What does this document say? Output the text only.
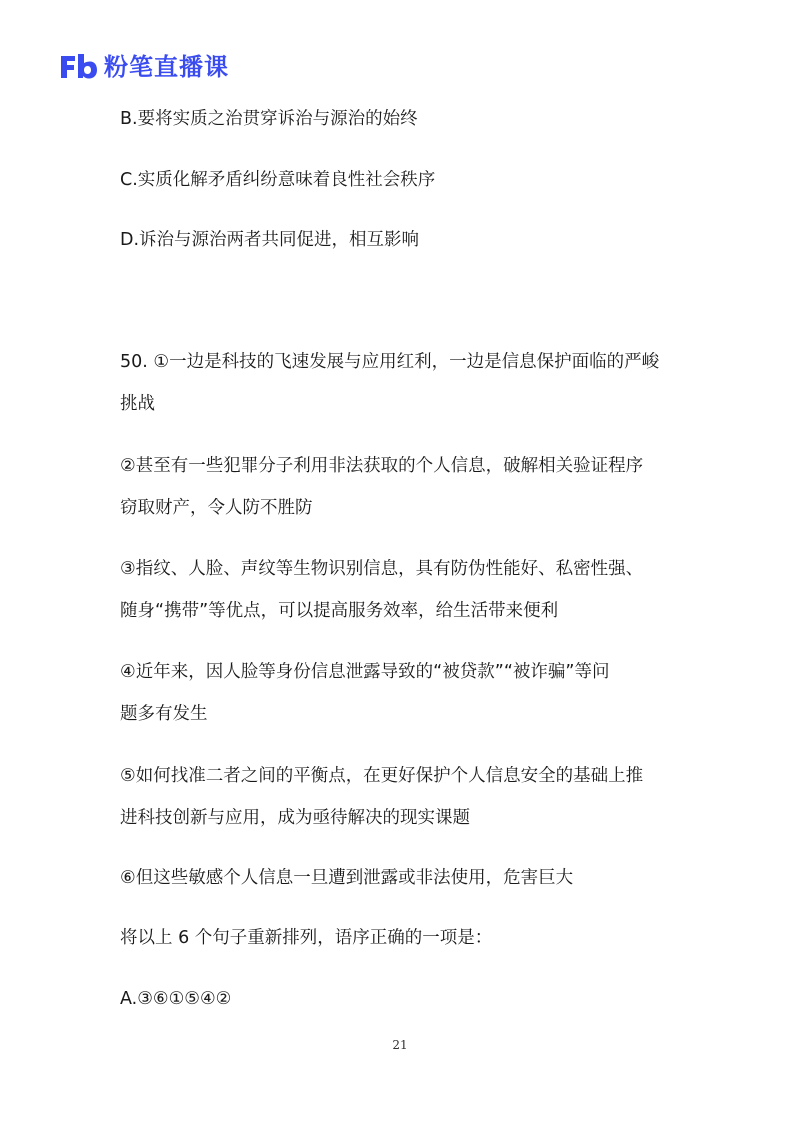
粉笔直播课
B.要将实质之治贯穿诉治与源治的始终
C.实质化解矛盾纠纷意味着良性社会秩序
D.诉治与源治两者共同促进，相互影响
50. ①一边是科技的飞速发展与应用红利，一边是信息保护面临的严峻
挑战
②甚至有一些犯罪分子利用非法获取的个人信息，破解相关验证程序
窃取财产，令人防不胜防
③指纹、人脸、声纹等生物识别信息，具有防伪性能好、私密性强、
随身“携带”等优点，可以提高服务效率，给生活带来便利
④近年来，因人脸等身份信息泄露导致的“被贷款”“被诈骗”等问
题多有发生
⑤如何找准二者之间的平衡点，在更好保护个人信息安全的基础上推
进科技创新与应用，成为亟待解决的现实课题
⑥但这些敏感个人信息一旦遭到泄露或非法使用，危害巨大
将以上 6 个句子重新排列，语序正确的一项是：
A.③⑥①⑤④②
21
